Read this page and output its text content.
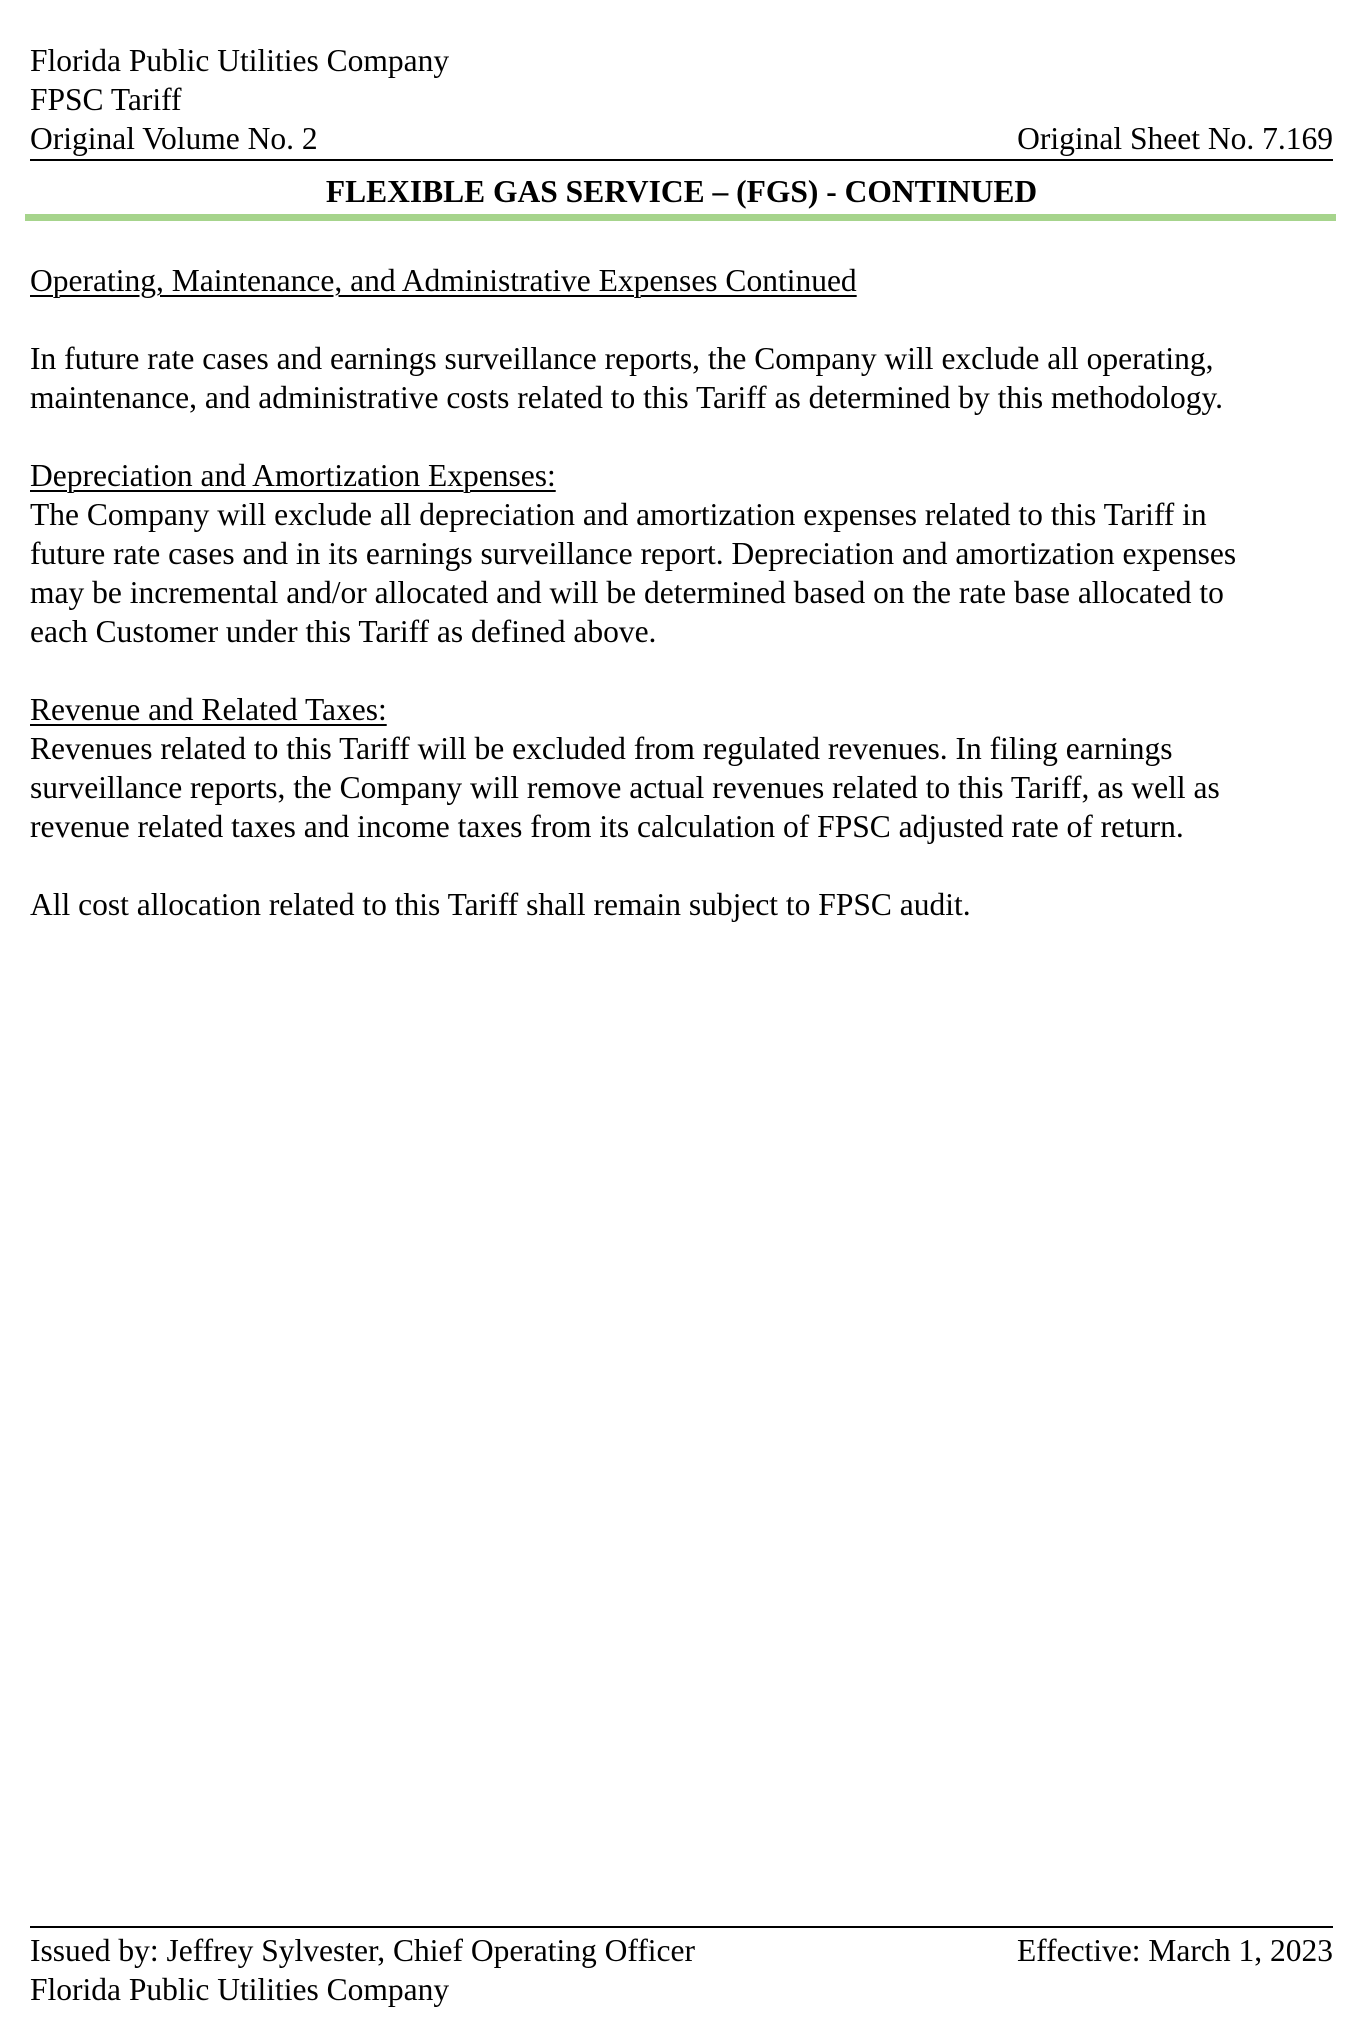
Florida Public Utilities Company
FPSC Tariff
Original Volume No. 2	Original Sheet No. 7.169
FLEXIBLE GAS SERVICE – (FGS) - CONTINUED
Operating, Maintenance, and Administrative Expenses Continued
In future rate cases and earnings surveillance reports, the Company will exclude all operating,
maintenance, and administrative costs related to this Tariff as determined by this methodology.
Depreciation and Amortization Expenses:
The Company will exclude all depreciation and amortization expenses related to this Tariff in
future rate cases and in its earnings surveillance report. Depreciation and amortization expenses
may be incremental and/or allocated and will be determined based on the rate base allocated to
each Customer under this Tariff as defined above.
Revenue and Related Taxes:
Revenues related to this Tariff will be excluded from regulated revenues. In filing earnings
surveillance reports, the Company will remove actual revenues related to this Tariff, as well as
revenue related taxes and income taxes from its calculation of FPSC adjusted rate of return.
All cost allocation related to this Tariff shall remain subject to FPSC audit.
Issued by: Jeffrey Sylvester, Chief Operating Officer	Effective: March 1, 2023
Florida Public Utilities Company
